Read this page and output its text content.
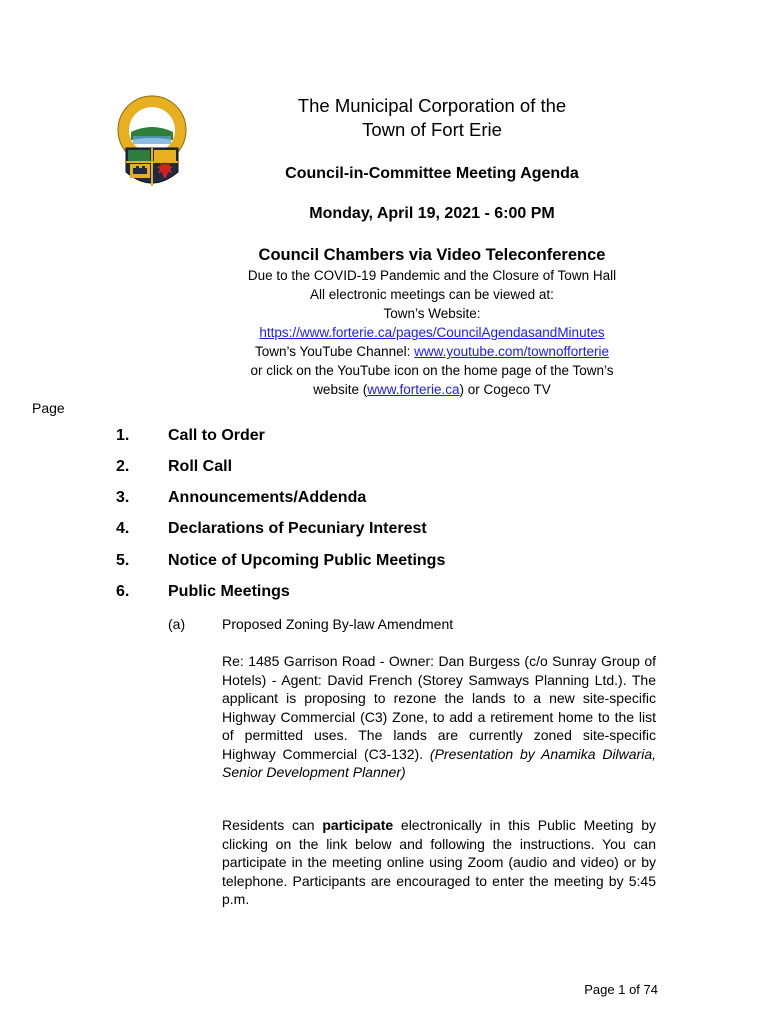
The Municipal Corporation of the
Town of Fort Erie
Council-in-Committee Meeting Agenda
Monday, April 19, 2021 - 6:00 PM
Council Chambers via Video Teleconference
Due to the COVID-19 Pandemic and the Closure of Town Hall
All electronic meetings can be viewed at:
Town’s Website:
https://www.forterie.ca/pages/CouncilAgendasandMinutes
Town’s YouTube Channel: www.youtube.com/townofforterie
or click on the YouTube icon on the home page of the Town’s
website (www.forterie.ca) or Cogeco TV
Page
1.	Call to Order
2.	Roll Call
3.	Announcements/Addenda
4.	Declarations of Pecuniary Interest
5.	Notice of Upcoming Public Meetings
6.	Public Meetings
(a)	Proposed Zoning By-law Amendment
Re: 1485 Garrison Road - Owner: Dan Burgess (c/o Sunray Group of Hotels) - Agent: David French (Storey Samways Planning Ltd.). The applicant is proposing to rezone the lands to a new site-specific Highway Commercial (C3) Zone, to add a retirement home to the list of permitted uses. The lands are currently zoned site-specific Highway Commercial (C3-132). (Presentation by Anamika Dilwaria, Senior Development Planner)
Residents can participate electronically in this Public Meeting by clicking on the link below and following the instructions. You can participate in the meeting online using Zoom (audio and video) or by telephone. Participants are encouraged to enter the meeting by 5:45 p.m.
Page 1 of 74
